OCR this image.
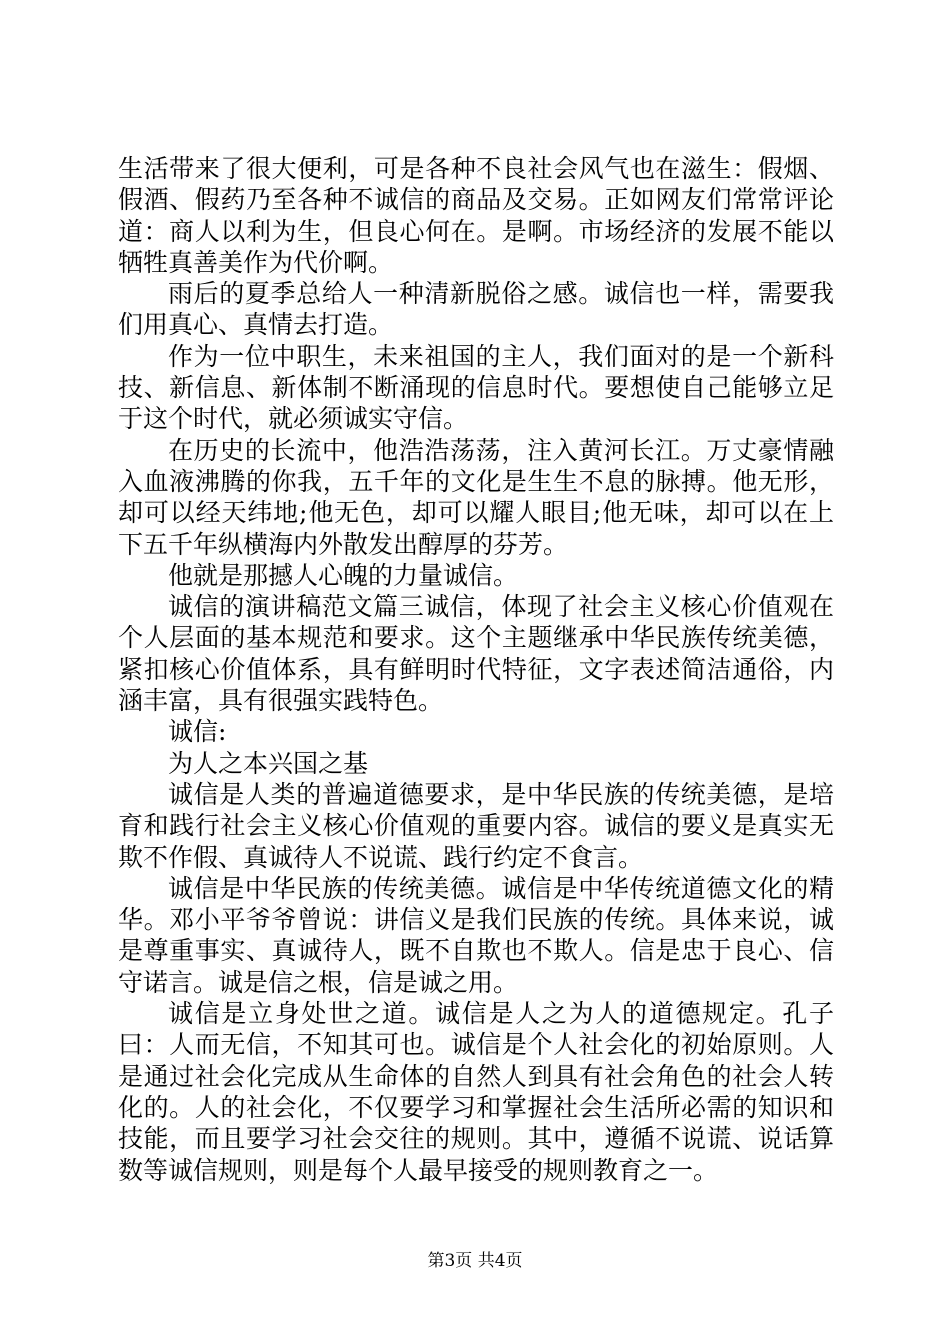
生活带来了很大便利，可是各种不良社会风气也在滋生：假烟、假酒、假药乃至各种不诚信的商品及交易。正如网友们常常评论道：商人以利为生，但良心何在。是啊。市场经济的发展不能以牺牲真善美作为代价啊。

雨后的夏季总给人一种清新脱俗之感。诚信也一样，需要我们用真心、真情去打造。

作为一位中职生，未来祖国的主人，我们面对的是一个新科技、新信息、新体制不断涌现的信息时代。要想使自己能够立足于这个时代，就必须诚实守信。

在历史的长流中，他浩浩荡荡，注入黄河长江。万丈豪情融入血液沸腾的你我，五千年的文化是生生不息的脉搏。他无形，却可以经天纬地;他无色，却可以耀人眼目;他无味，却可以在上下五千年纵横海内外散发出醇厚的芬芳。

他就是那撼人心魄的力量诚信。

诚信的演讲稿范文篇三诚信，体现了社会主义核心价值观在个人层面的基本规范和要求。这个主题继承中华民族传统美德，紧扣核心价值体系，具有鲜明时代特征，文字表述简洁通俗，内涵丰富，具有很强实践特色。

诚信:

为人之本兴国之基

诚信是人类的普遍道德要求，是中华民族的传统美德，是培育和践行社会主义核心价值观的重要内容。诚信的要义是真实无欺不作假、真诚待人不说谎、践行约定不食言。

诚信是中华民族的传统美德。诚信是中华传统道德文化的精华。邓小平爷爷曾说：讲信义是我们民族的传统。具体来说，诚是尊重事实、真诚待人，既不自欺也不欺人。信是忠于良心、信守诺言。诚是信之根，信是诚之用。

诚信是立身处世之道。诚信是人之为人的道德规定。孔子曰：人而无信，不知其可也。诚信是个人社会化的初始原则。人是通过社会化完成从生命体的自然人到具有社会角色的社会人转化的。人的社会化，不仅要学习和掌握社会生活所必需的知识和技能，而且要学习社会交往的规则。其中，遵循不说谎、说话算数等诚信规则，则是每个人最早接受的规则教育之一。

第3页 共4页
